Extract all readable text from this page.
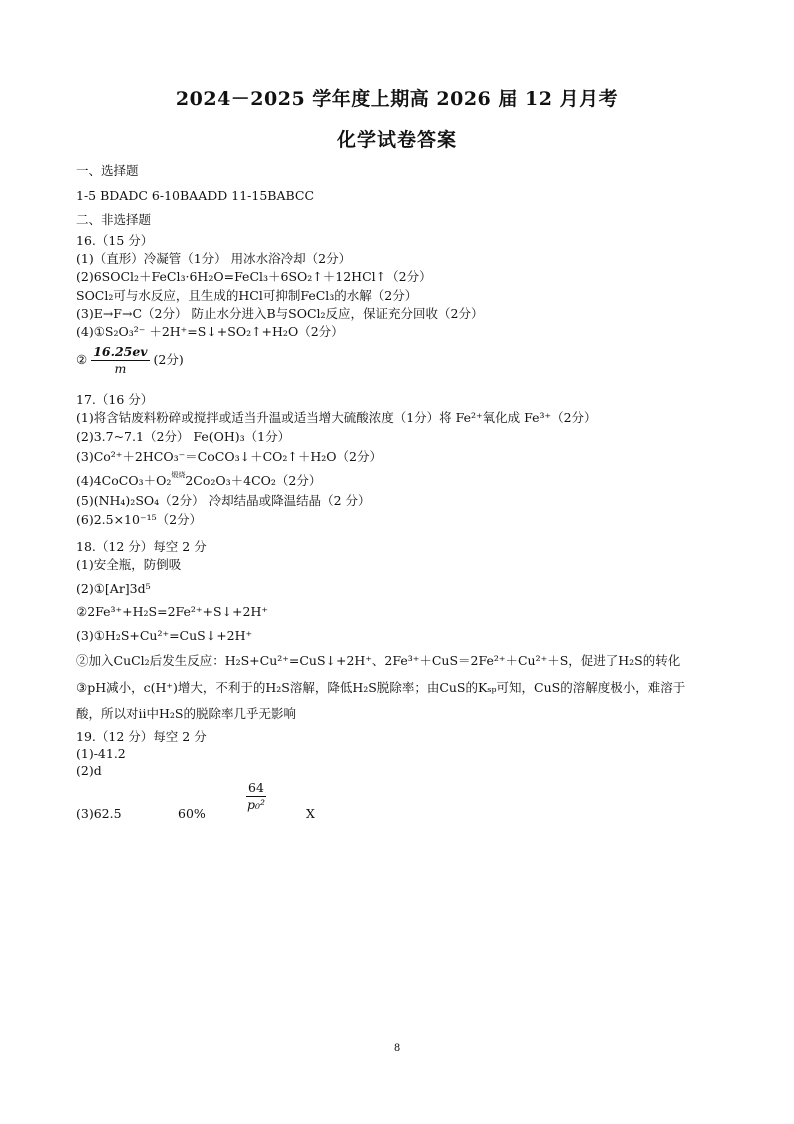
2024－2025 学年度上期高 2026 届 12 月月考
化学试卷答案
一、选择题
1-5 BDADC 6-10BAADD 11-15BABCC
二、非选择题
16.（15 分）
(1)（直形）冷凝管（1分） 用冰水浴冷却（2分）
(2)6SOCl₂＋FeCl₃·6H₂O=FeCl₃＋6SO₂↑＋12HCl↑（2分）
SOCl₂可与水反应，且生成的HCl可抑制FeCl₃的水解（2分）
(3)E→F→C（2分） 防止水分进入B与SOCl₂反应，保证充分回收（2分）
(4)①S₂O₃²⁻ ＋2H⁺=S↓+SO₂↑+H₂O（2分）
② $\frac{16.25ev}{m} (2$分)
17.（16 分）
(1)将含钴废料粉碎或搅拌或适当升温或适当增大硫酸浓度（1分）将 Fe²⁺氧化成 Fe³⁺（2分）
(2)3.7~7.1（2分） Fe(OH)₃（1分）
(3)Co²⁺＋2HCO₃⁻＝CoCO₃↓＋CO₂↑＋H₂O（2分）
(4)4CoCO₃＋O₂$^{煅烧}$2Co₂O₃＋4CO₂（2分）
(5)(NH₄)₂SO₄（2分） 冷却结晶或降温结晶（2 分）
(6)2.5×10⁻¹⁵（2分）
18.（12 分）每空 2 分
(1)安全瓶，防倒吸
(2)①[Ar]3d⁵
②2Fe³⁺+H₂S=2Fe²⁺+S↓+2H⁺
(3)①H₂S+Cu²⁺=CuS↓+2H⁺
②加入CuCl₂后发生反应：H₂S+Cu²⁺=CuS↓+2H⁺、2Fe³⁺＋CuS＝2Fe²⁺＋Cu²⁺＋S，促进了H₂S的转化
③pH减小，c(H⁺)增大，不利于的H₂S溶解，降低H₂S脱除率；由CuS的Kₛₚ可知，CuS的溶解度极小，难溶于
酸，所以对ii中H₂S的脱除率几乎无影响
19.（12 分）每空 2 分
(1)-41.2
(2)d
(3)62.5	60%
$\frac{64}{\text{p₀²}}$
X
8
